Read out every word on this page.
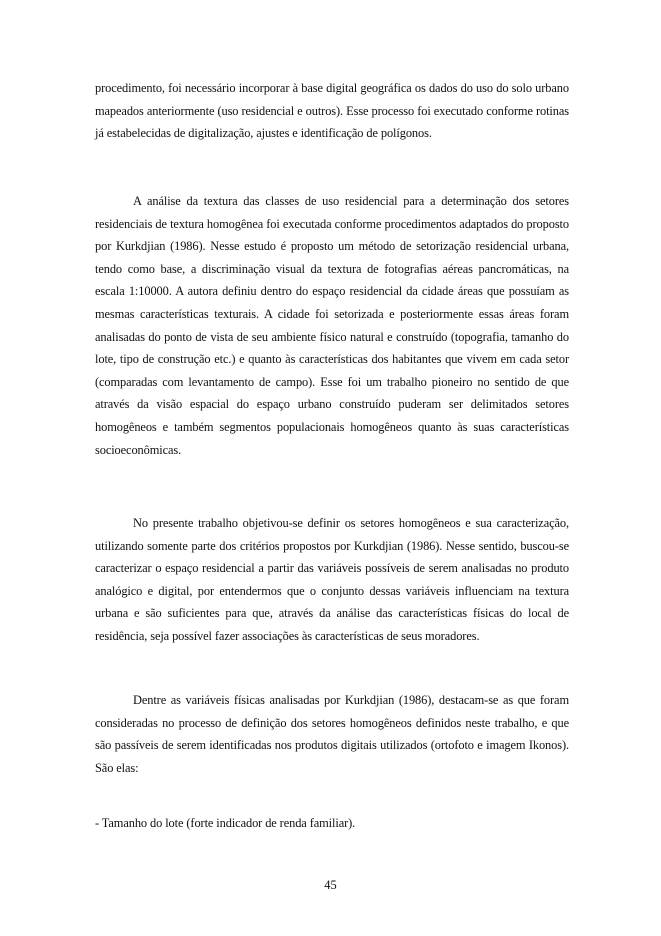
procedimento, foi necessário incorporar à base digital geográfica os dados do uso do solo urbano mapeados anteriormente (uso residencial e outros). Esse processo foi executado conforme rotinas já estabelecidas de digitalização, ajustes e identificação de polígonos.

A análise da textura das classes de uso residencial para a determinação dos setores residenciais de textura homogênea foi executada conforme procedimentos adaptados do proposto por Kurkdjian (1986). Nesse estudo é proposto um método de setorização residencial urbana, tendo como base, a discriminação visual da textura de fotografias aéreas pancromáticas, na escala 1:10000. A autora definiu dentro do espaço residencial da cidade áreas que possuíam as mesmas características texturais. A cidade foi setorizada e posteriormente essas áreas foram analisadas do ponto de vista de seu ambiente físico natural e construído (topografia, tamanho do lote, tipo de construção etc.) e quanto às características dos habitantes que vivem em cada setor (comparadas com levantamento de campo). Esse foi um trabalho pioneiro no sentido de que através da visão espacial do espaço urbano construído puderam ser delimitados setores homogêneos e também segmentos populacionais homogêneos quanto às suas características socioeconômicas.

No presente trabalho objetivou-se definir os setores homogêneos e sua caracterização, utilizando somente parte dos critérios propostos por Kurkdjian (1986). Nesse sentido, buscou-se caracterizar o espaço residencial a partir das variáveis possíveis de serem analisadas no produto analógico e digital, por entendermos que o conjunto dessas variáveis influenciam na textura urbana e são suficientes para que, através da análise das características físicas do local de residência, seja possível fazer associações às características de seus moradores.

Dentre as variáveis físicas analisadas por Kurkdjian (1986), destacam-se as que foram consideradas no processo de definição dos setores homogêneos definidos neste trabalho, e que são passíveis de serem identificadas nos produtos digitais utilizados (ortofoto e imagem Ikonos). São elas:

- Tamanho do lote (forte indicador de renda familiar).

45
